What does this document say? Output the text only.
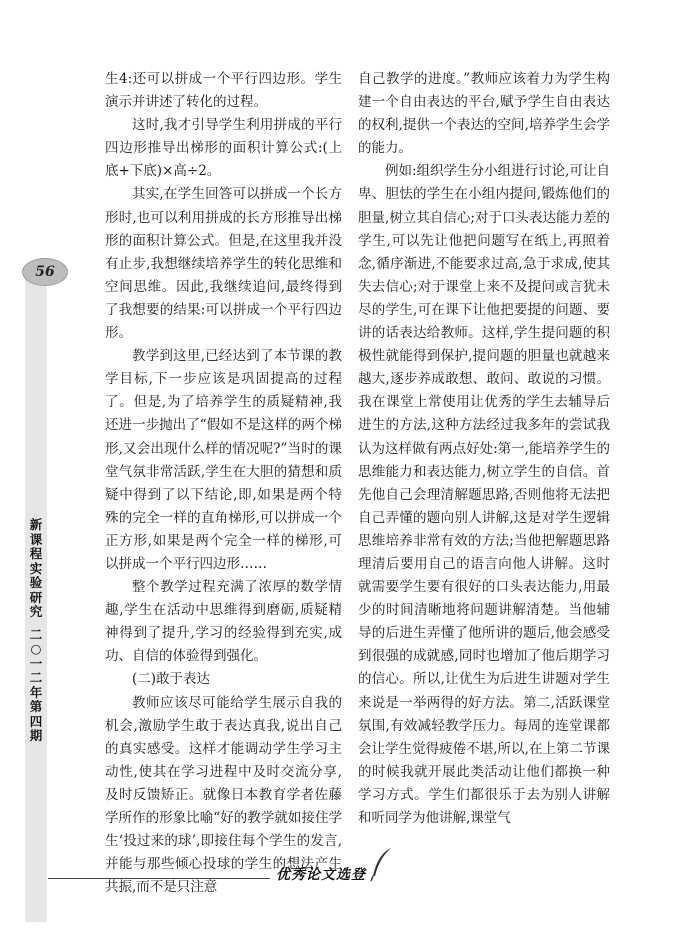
56
新课程实验研究
二○一二年第四期

生4:还可以拼成一个平行四边形。学生演示并讲述了转化的过程。

这时,我才引导学生利用拼成的平行四边形推导出梯形的面积计算公式:(上底+下底)×高÷2。

其实,在学生回答可以拼成一个长方形时,也可以利用拼成的长方形推导出梯形的面积计算公式。但是,在这里我并没有止步,我想继续培养学生的转化思维和空间思维。因此,我继续追问,最终得到了我想要的结果:可以拼成一个平行四边形。

教学到这里,已经达到了本节课的教学目标,下一步应该是巩固提高的过程了。但是,为了培养学生的质疑精神,我还进一步抛出了“假如不是这样的两个梯形,又会出现什么样的情况呢?”当时的课堂气氛非常活跃,学生在大胆的猜想和质疑中得到了以下结论,即,如果是两个特殊的完全一样的直角梯形,可以拼成一个正方形,如果是两个完全一样的梯形,可以拼成一个平行四边形……

整个教学过程充满了浓厚的数学情趣,学生在活动中思维得到磨砺,质疑精神得到了提升,学习的经验得到充实,成功、自信的体验得到强化。

(二)敢于表达

教师应该尽可能给学生展示自我的机会,激励学生敢于表达真我,说出自己的真实感受。这样才能调动学生学习主动性,使其在学习进程中及时交流分享,及时反馈矫正。就像日本教育学者佐藤学所作的形象比喻“好的教学就如接住学生‘投过来的球’,即接住每个学生的发言,并能与那些倾心投球的学生的想法产生共振,而不是只注意

自己教学的进度。”教师应该着力为学生构建一个自由表达的平台,赋予学生自由表达的权利,提供一个表达的空间,培养学生会学的能力。

例如:组织学生分小组进行讨论,可让自卑、胆怯的学生在小组内提问,锻炼他们的胆量,树立其自信心;对于口头表达能力差的学生,可以先让他把问题写在纸上,再照着念,循序渐进,不能要求过高,急于求成,使其失去信心;对于课堂上来不及提问或言犹未尽的学生,可在课下让他把要提的问题、要讲的话表达给教师。这样,学生提问题的积极性就能得到保护,提问题的胆量也就越来越大,逐步养成敢想、敢问、敢说的习惯。我在课堂上常使用让优秀的学生去辅导后进生的方法,这种方法经过我多年的尝试我认为这样做有两点好处:第一,能培养学生的思维能力和表达能力,树立学生的自信。首先他自己会理清解题思路,否则他将无法把自己弄懂的题向别人讲解,这是对学生逻辑思维培养非常有效的方法;当他把解题思路理清后要用自己的语言向他人讲解。这时就需要学生要有很好的口头表达能力,用最少的时间清晰地将问题讲解清楚。当他辅导的后进生弄懂了他所讲的题后,他会感受到很强的成就感,同时也增加了他后期学习的信心。所以,让优生为后进生讲题对学生来说是一举两得的好方法。第二,活跃课堂氛围,有效减轻教学压力。每周的连堂课都会让学生觉得疲倦不堪,所以,在上第二节课的时候我就开展此类活动让他们都换一种学习方式。学生们都很乐于去为别人讲解和听同学为他讲解,课堂气

优秀论文选登
